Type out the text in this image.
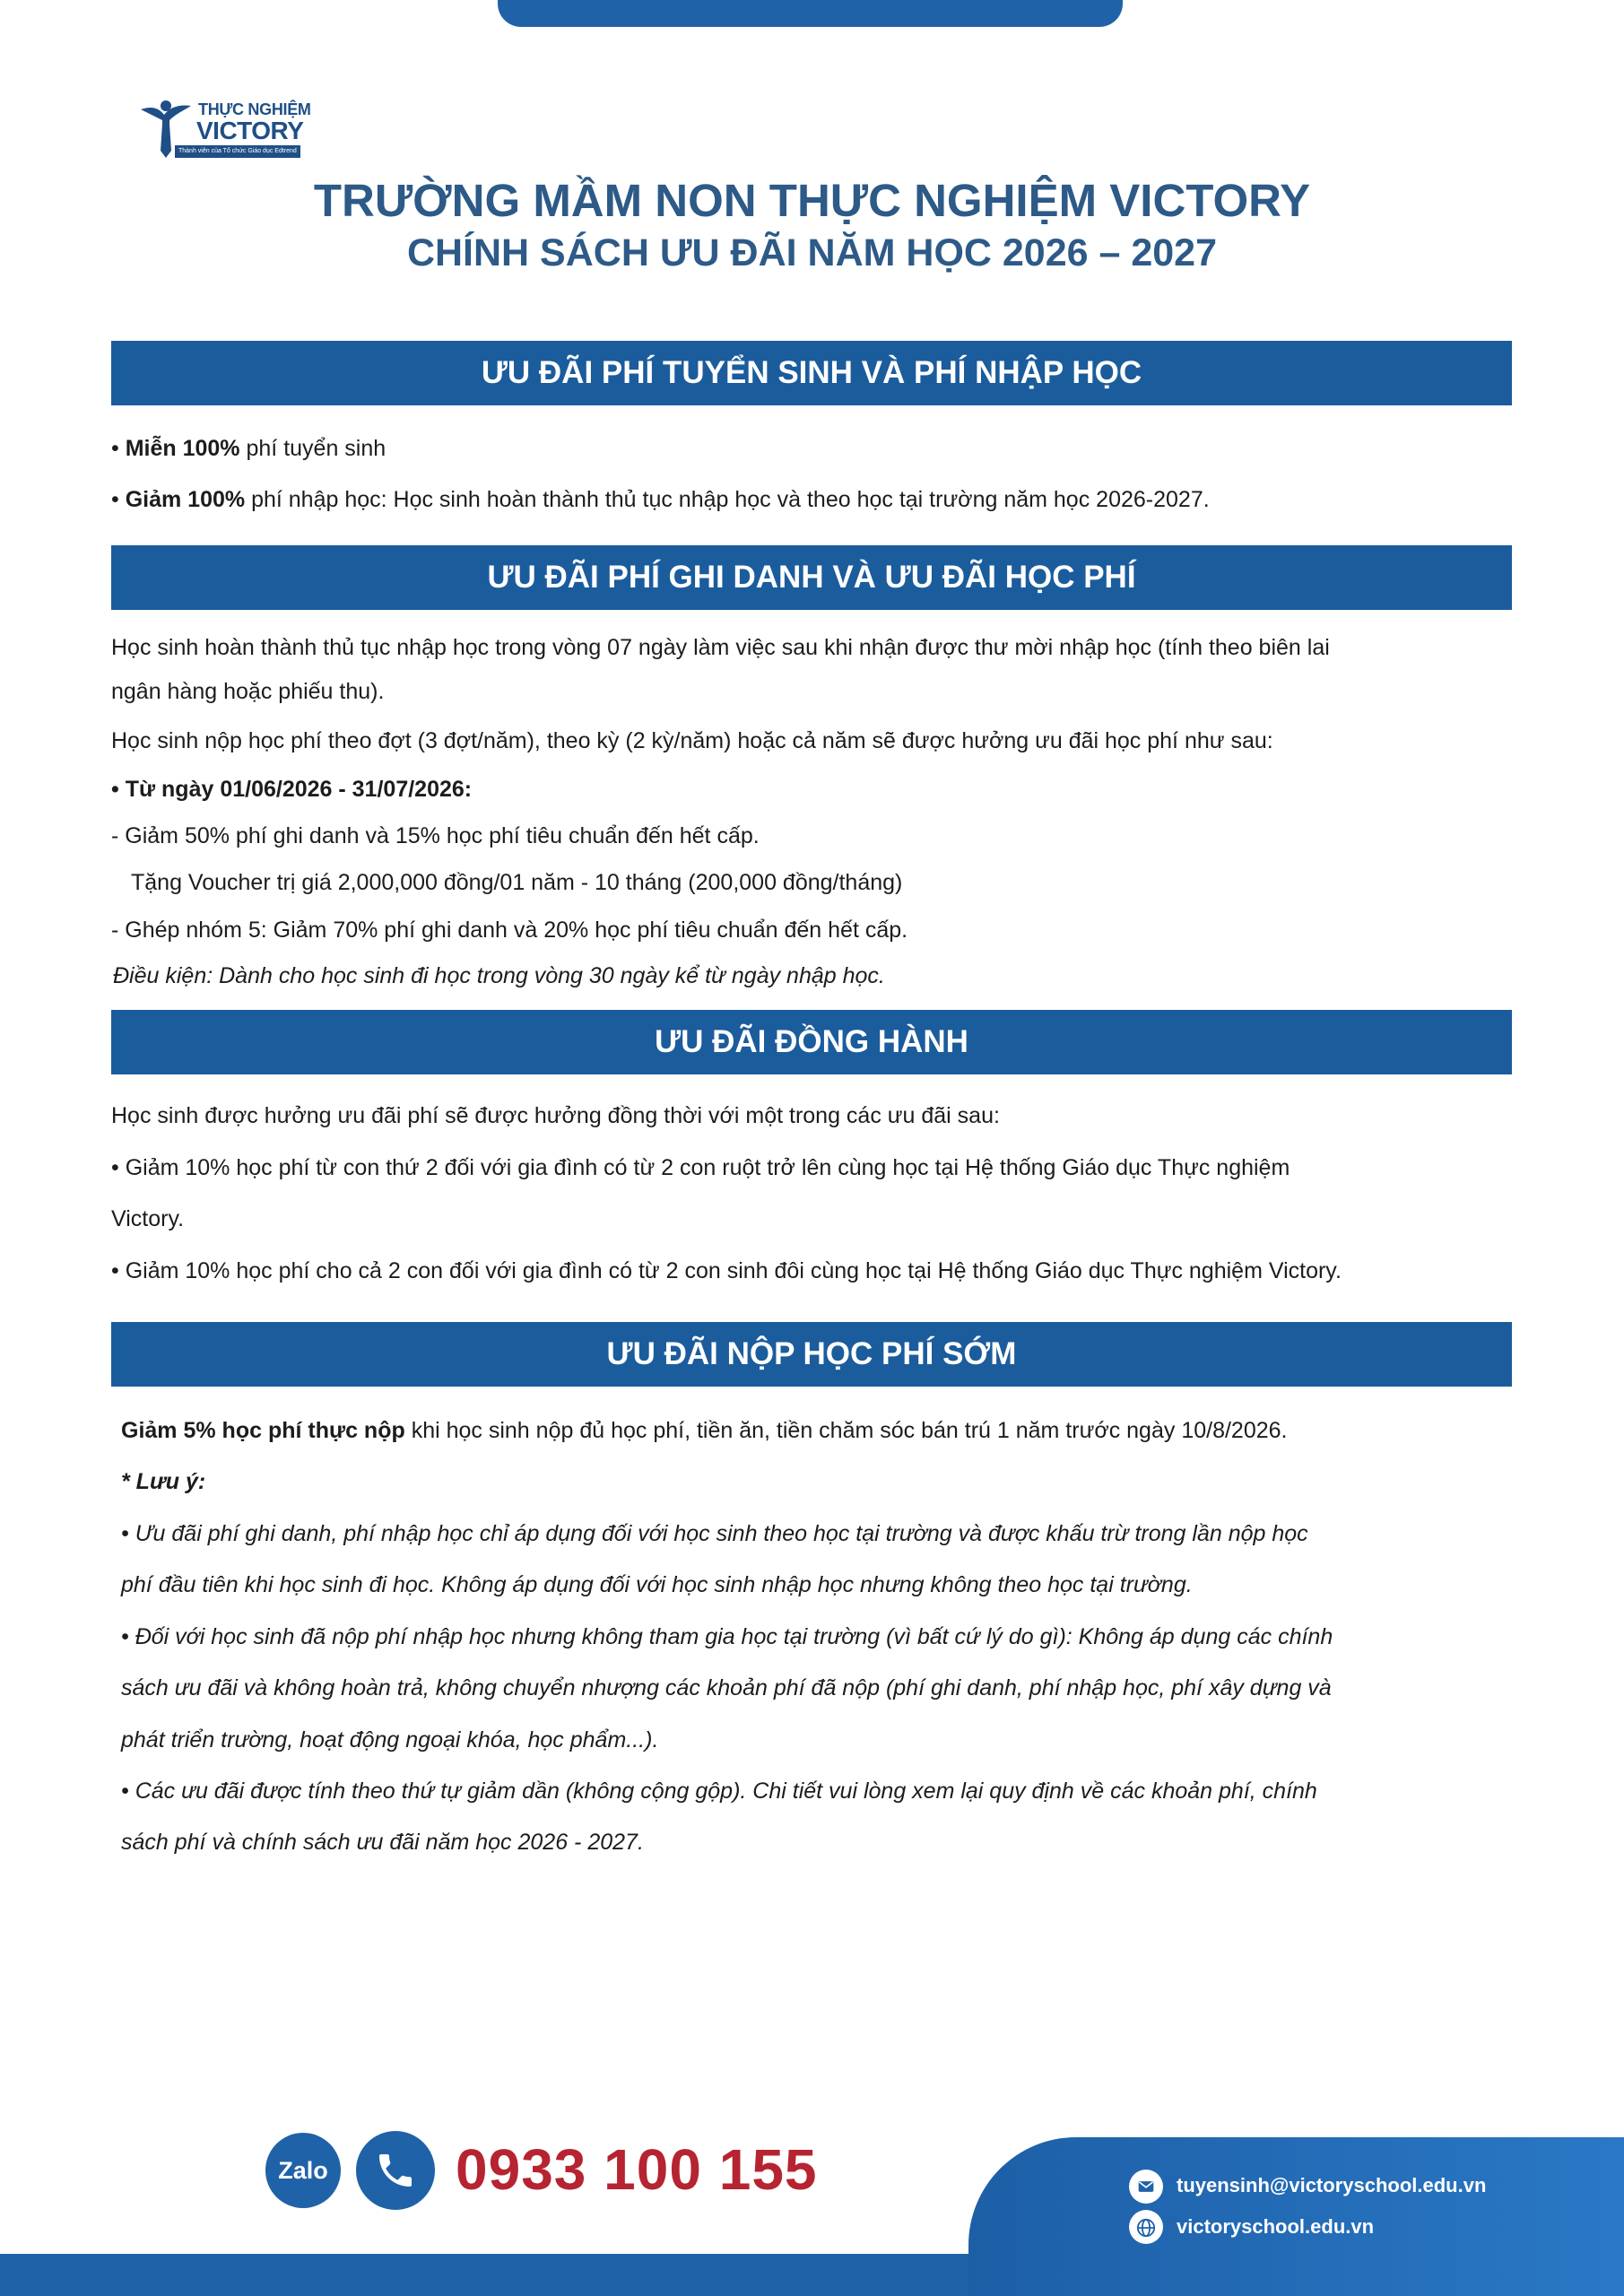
THỰC NGHIỆM
VICTORY
Thành viên của Tổ chức Giáo dục Edtrend
TRƯỜNG MẦM NON THỰC NGHIỆM VICTORY
CHÍNH SÁCH ƯU ĐÃI NĂM HỌC 2026 – 2027
ƯU ĐÃI PHÍ TUYỂN SINH VÀ PHÍ NHẬP HỌC
• Miễn 100% phí tuyển sinh
• Giảm 100% phí nhập học: Học sinh hoàn thành thủ tục nhập học và theo học tại trường năm học 2026-2027.
ƯU ĐÃI PHÍ GHI DANH VÀ ƯU ĐÃI HỌC PHÍ
Học sinh hoàn thành thủ tục nhập học trong vòng 07 ngày làm việc sau khi nhận được thư mời nhập học (tính theo biên lai
ngân hàng hoặc phiếu thu).
Học sinh nộp học phí theo đợt (3 đợt/năm), theo kỳ (2 kỳ/năm) hoặc cả năm sẽ được hưởng ưu đãi học phí như sau:
• Từ ngày 01/06/2026 - 31/07/2026:
- Giảm 50% phí ghi danh và 15% học phí tiêu chuẩn đến hết cấp.
Tặng Voucher trị giá 2,000,000 đồng/01 năm - 10 tháng (200,000 đồng/tháng)
- Ghép nhóm 5: Giảm 70% phí ghi danh và 20% học phí tiêu chuẩn đến hết cấp.
Điều kiện: Dành cho học sinh đi học trong vòng 30 ngày kể từ ngày nhập học.
ƯU ĐÃI ĐỒNG HÀNH
Học sinh được hưởng ưu đãi phí sẽ được hưởng đồng thời với một trong các ưu đãi sau:
• Giảm 10% học phí từ con thứ 2 đối với gia đình có từ 2 con ruột trở lên cùng học tại Hệ thống Giáo dục Thực nghiệm
Victory.
• Giảm 10% học phí cho cả 2 con đối với gia đình có từ 2 con sinh đôi cùng học tại Hệ thống Giáo dục Thực nghiệm Victory.
ƯU ĐÃI NỘP HỌC PHÍ SỚM
Giảm 5% học phí thực nộp khi học sinh nộp đủ học phí, tiền ăn, tiền chăm sóc bán trú 1 năm trước ngày 10/8/2026.
* Lưu ý:
• Ưu đãi phí ghi danh, phí nhập học chỉ áp dụng đối với học sinh theo học tại trường và được khấu trừ trong lần nộp học
phí đầu tiên khi học sinh đi học. Không áp dụng đối với học sinh nhập học nhưng không theo học tại trường.
• Đối với học sinh đã nộp phí nhập học nhưng không tham gia học tại trường (vì bất cứ lý do gì): Không áp dụng các chính
sách ưu đãi và không hoàn trả, không chuyển nhượng các khoản phí đã nộp (phí ghi danh, phí nhập học, phí xây dựng và
phát triển trường, hoạt động ngoại khóa, học phẩm...).
• Các ưu đãi được tính theo thứ tự giảm dần (không cộng gộp). Chi tiết vui lòng xem lại quy định về các khoản phí, chính
sách phí và chính sách ưu đãi năm học 2026 - 2027.
Zalo 0933 100 155	tuyensinh@victoryschool.edu.vn
victoryschool.edu.vn
